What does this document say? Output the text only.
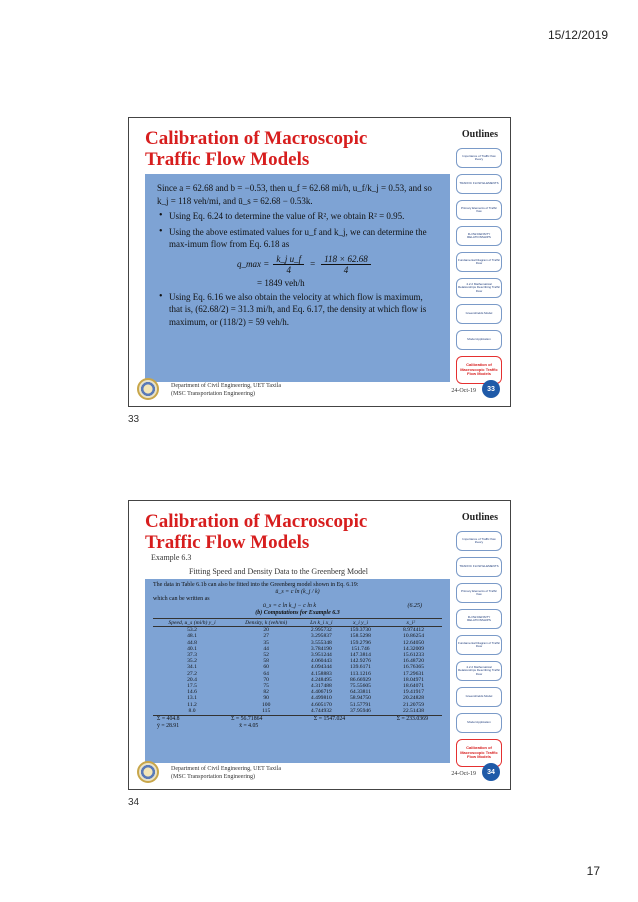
15/12/2019
Calibration of Macroscopic
Traffic Flow Models
Outlines
Importance of Traffic flow theory
TRAFFIC FLOW ELEMENTS
Primary Elements of Traffic flow
FLOW-DENSITY RELATIONSHIPS
Fundamental Diagram of Traffic Flow
4.2.2 Mathematical Relationships Describing Traffic Flow
Greenshields Model
Model Application
Calibration of Macroscopic Traffic Flow Models
Since a = 62.68 and b = −0.53, then u_f = 62.68 mi/h, u_f/k_j = 0.53, and so
k_j = 118 veh/mi, and ū_s = 62.68 − 0.53k.
• Using Eq. 6.24 to determine the value of R², we obtain R² = 0.95.
• Using the above estimated values for u_f and k_j, we can determine the max-imum flow from Eq. 6.18 as
q_max = $\frac{\text{k\_j u\_f}}{4} = \frac{118 \times 62.68}{4}$
= 1849 veh/h
• Using Eq. 6.16 we also obtain the velocity at which flow is maximum, that is, (62.68/2) = 31.3 mi/h, and Eq. 6.17, the density at which flow is maximum, or (118/2) = 59 veh/h.
Department of Civil Engineering, UET Taxila
(MSC Transportation Engineering)	24-Oct-19	33
33
Calibration of Macroscopic
Traffic Flow Models
Outlines
Importance of Traffic flow theory
TRAFFIC FLOW ELEMENTS
Primary Elements of Traffic flow
FLOW-DENSITY RELATIONSHIPS
Fundamental Diagram of Traffic Flow
4.2.2 Mathematical Relationships Describing Traffic Flow
Greenshields Model
Model Application
Calibration of Macroscopic Traffic Flow Models
Example 6.3
Fitting Speed and Density Data to the Greenberg Model
The data in Table 6.1b can also be fitted into the Greenberg model shown in Eq. 6.19:
ū_s = c ln (k_j / k)
which can be written as
ū_s = c ln k_j − c ln k	(6.25)
(b) Computations for Example 6.3
Speed, u_s (mi/h) y_i	Density, k (veh/mi)	Ln k_i x_i	x_i y_i	x_i²
53.2	20	2.995732	159.3730	8.974412
48.1	27	3.295837	158.5298	10.86254
44.8	35	3.555348	159.2796	12.64050
40.1	44	3.784190	151.746	14.32009
37.3	52	3.951244	147.3814	15.61233
35.2	58	4.060443	142.9276	16.48720
34.1	60	4.094344	139.6171	16.76365
27.2	64	4.158883	113.1216	17.29631
20.4	70	4.248495	86.66929	18.04971
17.5	75	4.317488	75.55605	18.64071
14.6	82	4.406719	64.33811	19.41917
13.1	90	4.499810	58.94750	20.24828
11.2	100	4.605170	51.57791	21.20759
8.0	115	4.744932	37.95946	22.51438
Σ = 404.8	Σ = 56.71864	Σ = 1547.024	Σ = 233.0369
ȳ = 28.91	x̄ = 4.05
Department of Civil Engineering, UET Taxila
(MSC Transportation Engineering)	24-Oct-19	34
34
17
